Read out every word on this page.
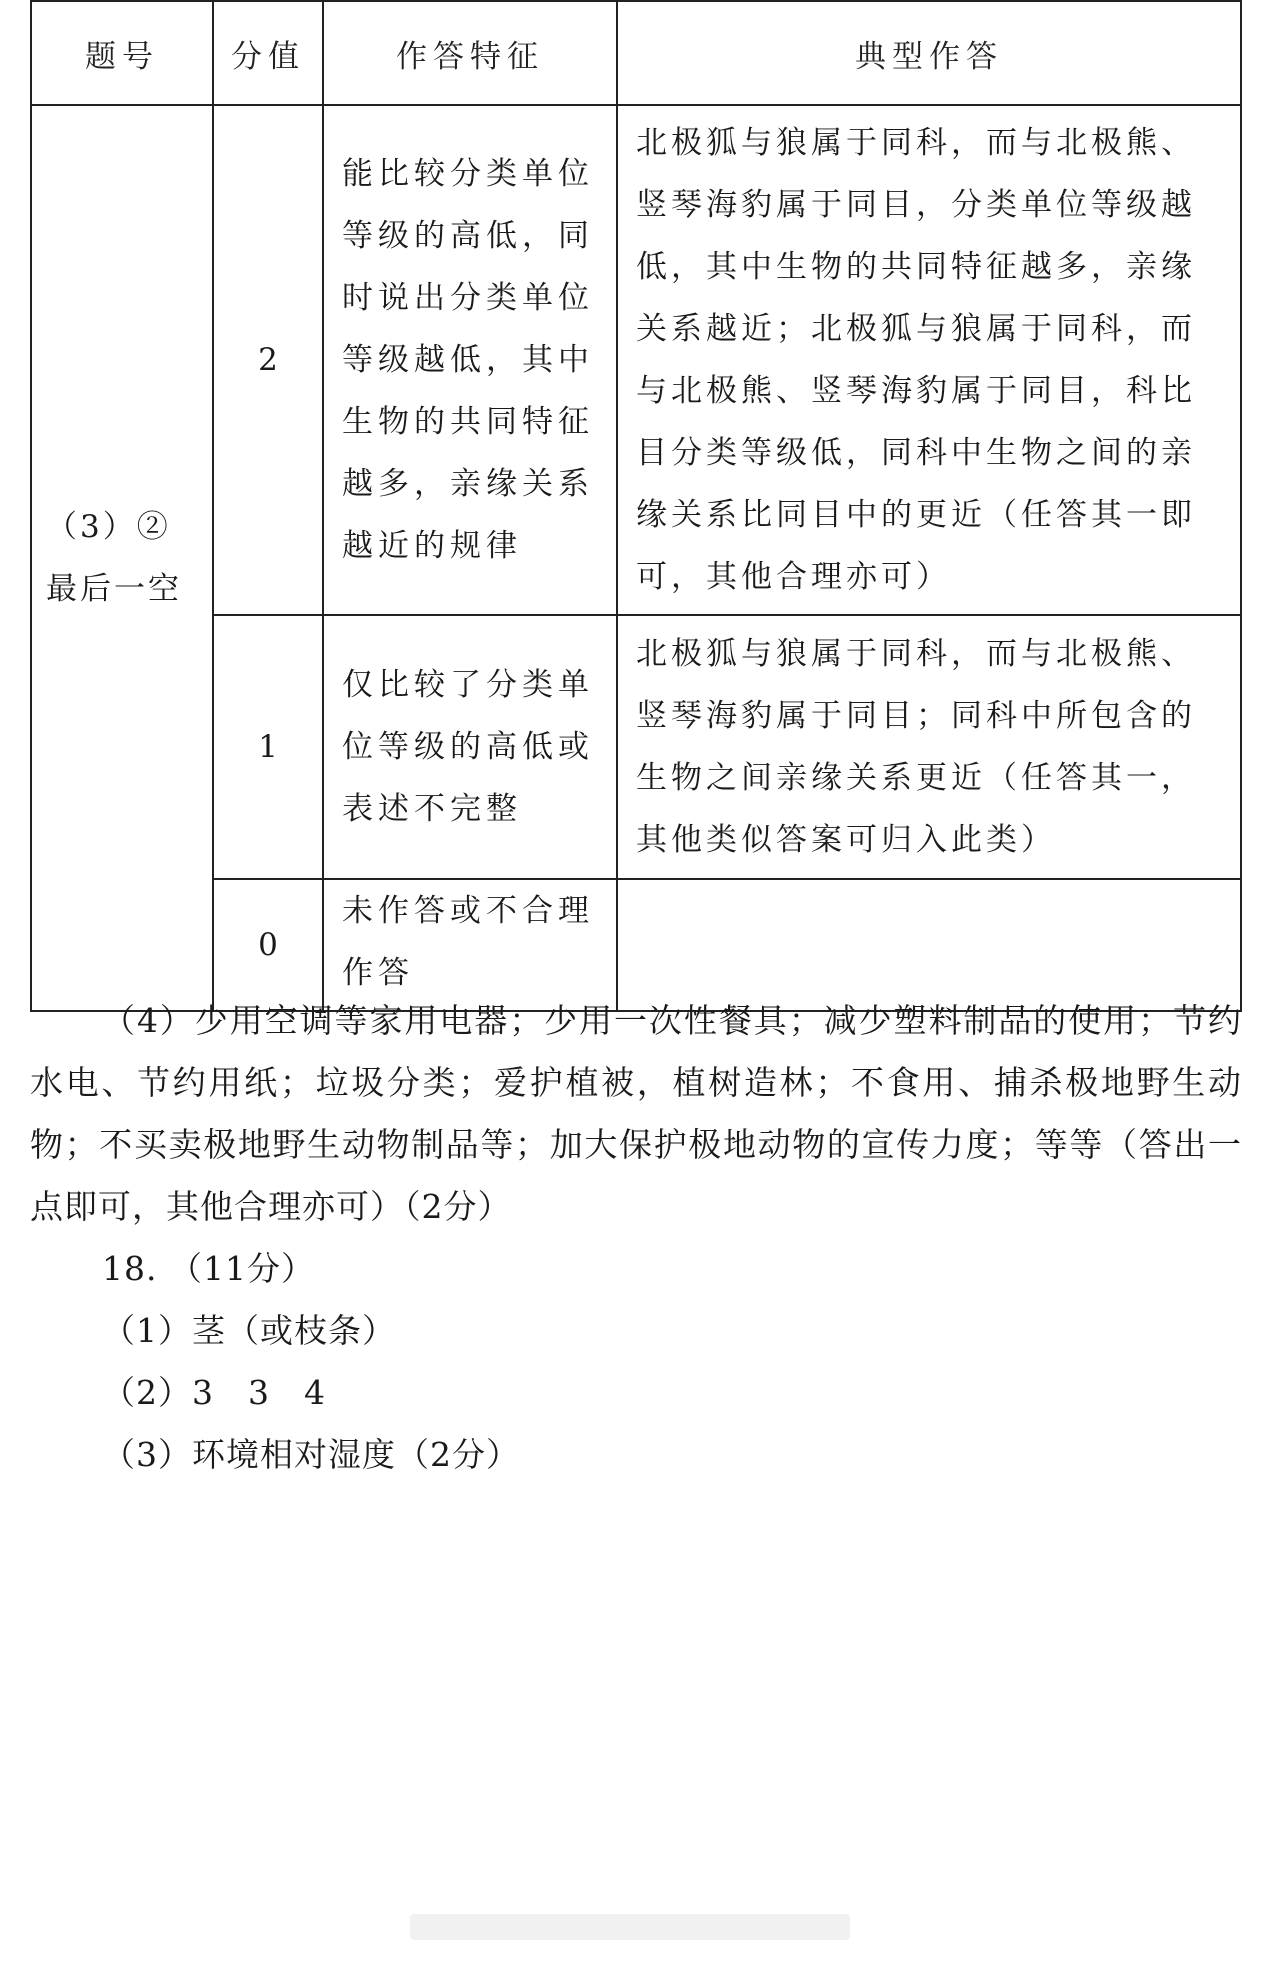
题号	分值	作答特征	典型作答
（3）②最后一空	2	能比较分类单位等级的高低，同时说出分类单位等级越低，其中生物的共同特征越多，亲缘关系越近的规律	北极狐与狼属于同科，而与北极熊、竖琴海豹属于同目，分类单位等级越低，其中生物的共同特征越多，亲缘关系越近；北极狐与狼属于同科，而与北极熊、竖琴海豹属于同目，科比目分类等级低，同科中生物之间的亲缘关系比同目中的更近（任答其一即可，其他合理亦可）
	1	仅比较了分类单位等级的高低或表述不完整	北极狐与狼属于同科，而与北极熊、竖琴海豹属于同目；同科中所包含的生物之间亲缘关系更近（任答其一，其他类似答案可归入此类）
	0	未作答或不合理作答	

（4）少用空调等家用电器；少用一次性餐具；减少塑料制品的使用；节约水电、节约用纸；垃圾分类；爱护植被，植树造林；不食用、捕杀极地野生动物；不买卖极地野生动物制品等；加大保护极地动物的宣传力度；等等（答出一点即可，其他合理亦可）（2分）

18. （11分）

（1）茎（或枝条）

（2）3　3　4

（3）环境相对湿度（2分）
